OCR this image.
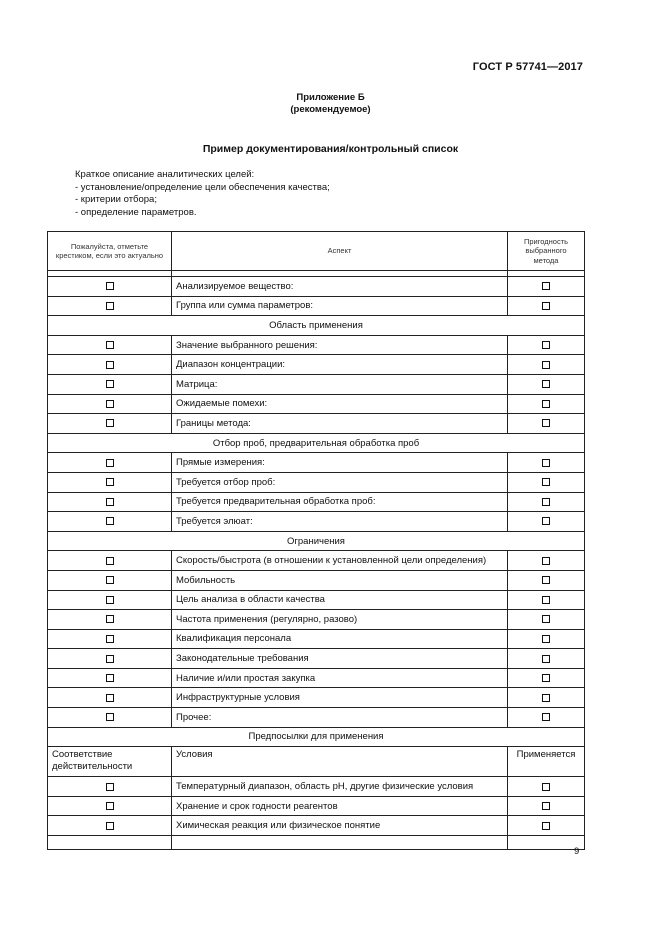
ГОСТ Р 57741—2017
Приложение Б
(рекомендуемое)
Пример документирования/контрольный список
Краткое описание аналитических целей:
- установление/определение цели обеспечения качества;
- критерии отбора;
- определение параметров.
Пожалуйста, отметьте крестиком, если это актуально	Аспект	Пригодность выбранного метода

	Анализируемое вещество:	
	Группа или сумма параметров:	
Область применения		
	Значение выбранного решения:	
	Диапазон концентрации:	
	Матрица:	
	Ожидаемые помехи:	
	Границы метода:	
Отбор проб, предварительная обработка проб		
	Прямые измерения:	
	Требуется отбор проб:	
	Требуется предварительная обработка проб:	
	Требуется элюат:	
Ограничения		
	Скорость/быстрота (в отношении к установленной цели определения)	
	Мобильность	
	Цель анализа в области качества	
	Частота применения (регулярно, разово)	
	Квалификация персонала	
	Законодательные требования	
	Наличие и/или простая закупка	
	Инфраструктурные условия	
	Прочее:	
Предпосылки для применения		
Соответствие действительности	Условия	Применяется
	Температурный диапазон, область pH, другие физические условия	
	Хранение и срок годности реагентов	
	Химическая реакция или физическое понятие	

9
